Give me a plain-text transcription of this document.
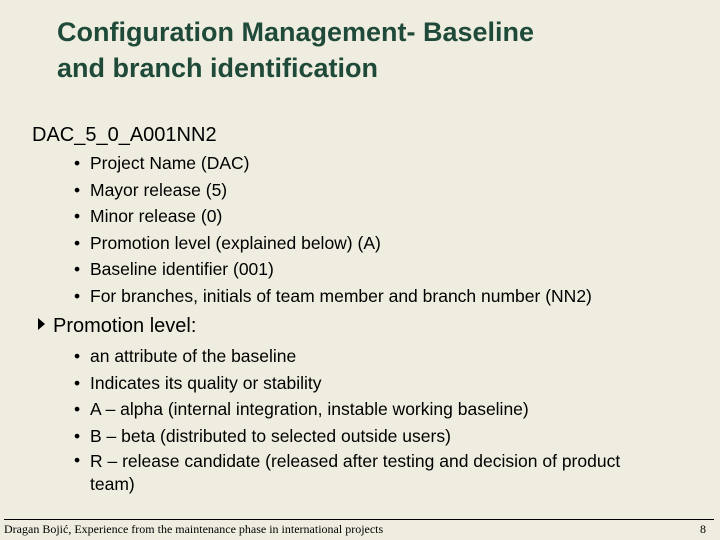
Configuration Management- Baseline
and branch identification
DAC_5_0_A001NN2
• Project Name (DAC)
• Mayor release (5)
• Minor release (0)
• Promotion level (explained below) (A)
• Baseline identifier (001)
• For branches, initials of team member and branch number (NN2)
Promotion level:
• an attribute of the baseline
• Indicates its quality or stability
• A – alpha (internal integration, instable working baseline)
• B – beta (distributed to selected outside users)
• R – release candidate (released after testing and decision of product team)
Dragan Bojić, Experience from the maintenance phase in international projects	8
